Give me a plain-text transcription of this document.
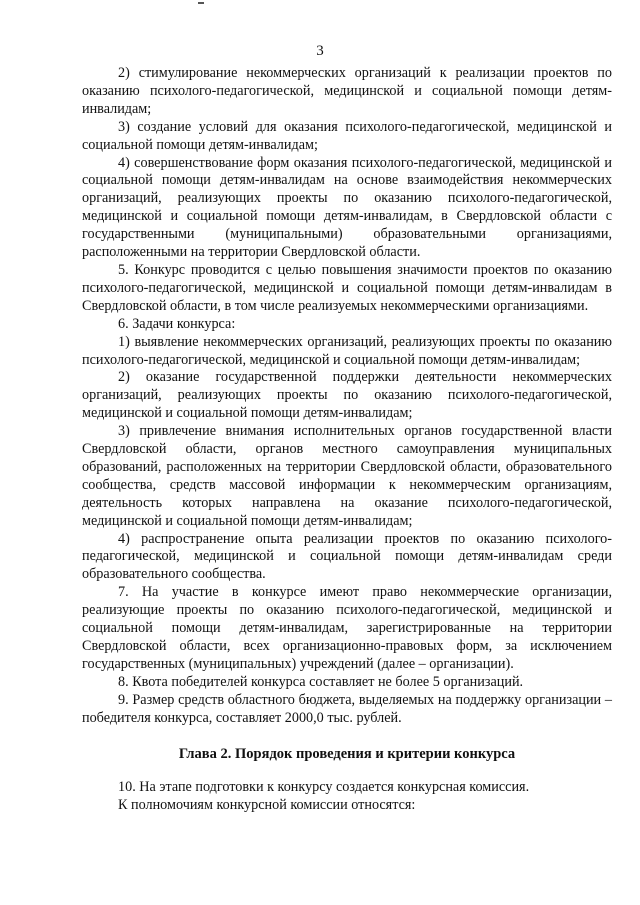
3

2) стимулирование некоммерческих организаций к реализации проектов по оказанию психолого-педагогической, медицинской и социальной помощи детям-инвалидам;

3) создание условий для оказания психолого-педагогической, медицинской и социальной помощи детям-инвалидам;

4) совершенствование форм оказания психолого-педагогической, медицинской и социальной помощи детям-инвалидам на основе взаимодействия некоммерческих организаций, реализующих проекты по оказанию психолого-педагогической, медицинской и социальной помощи детям-инвалидам, в Свердловской области с государственными (муниципальными) образовательными организациями, расположенными на территории Свердловской области.

5. Конкурс проводится с целью повышения значимости проектов по оказанию психолого-педагогической, медицинской и социальной помощи детям-инвалидам в Свердловской области, в том числе реализуемых некоммерческими организациями.

6. Задачи конкурса:

1) выявление некоммерческих организаций, реализующих проекты по оказанию психолого-педагогической, медицинской и социальной помощи детям-инвалидам;

2) оказание государственной поддержки деятельности некоммерческих организаций, реализующих проекты по оказанию психолого-педагогической, медицинской и социальной помощи детям-инвалидам;

3) привлечение внимания исполнительных органов государственной власти Свердловской области, органов местного самоуправления муниципальных образований, расположенных на территории Свердловской области, образовательного сообщества, средств массовой информации к некоммерческим организациям, деятельность которых направлена на оказание психолого-педагогической, медицинской и социальной помощи детям-инвалидам;

4) распространение опыта реализации проектов по оказанию психолого-педагогической, медицинской и социальной помощи детям-инвалидам среди образовательного сообщества.

7. На участие в конкурсе имеют право некоммерческие организации, реализующие проекты по оказанию психолого-педагогической, медицинской и социальной помощи детям-инвалидам, зарегистрированные на территории Свердловской области, всех организационно-правовых форм, за исключением государственных (муниципальных) учреждений (далее – организации).

8. Квота победителей конкурса составляет не более 5 организаций.

9. Размер средств областного бюджета, выделяемых на поддержку организации – победителя конкурса, составляет 2000,0 тыс. рублей.

Глава 2. Порядок проведения и критерии конкурса

10. На этапе подготовки к конкурсу создается конкурсная комиссия.

К полномочиям конкурсной комиссии относятся:
